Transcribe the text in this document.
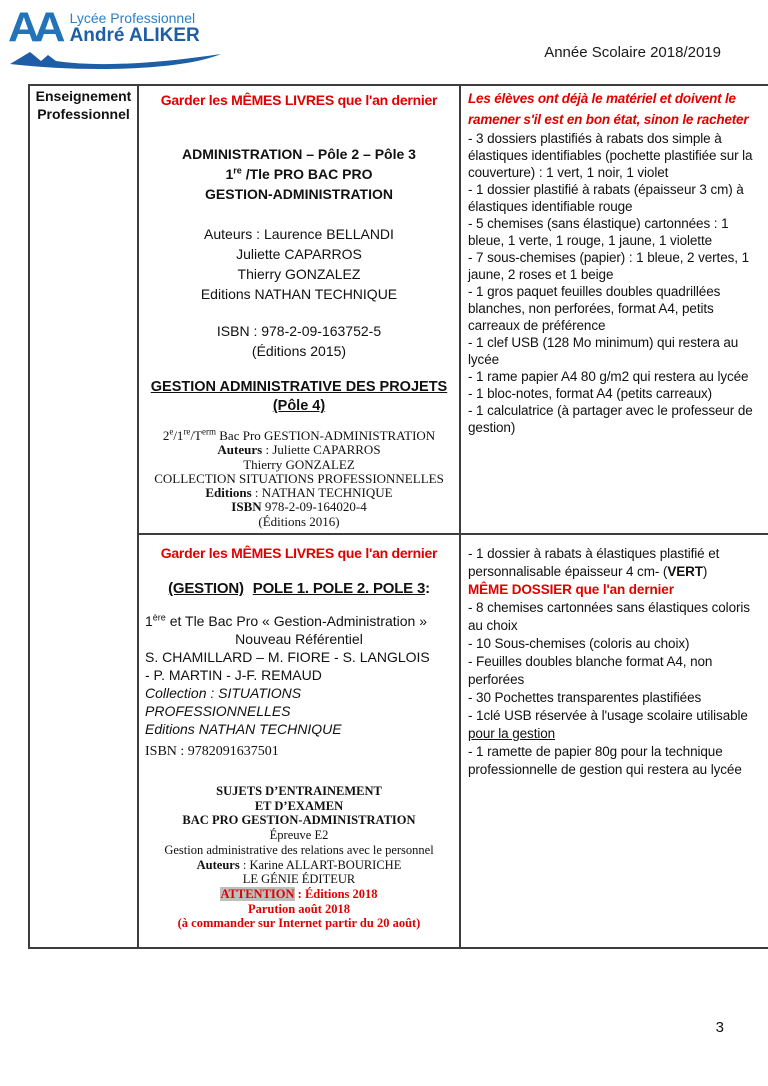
AA Lycée Professionnel
André ALIKER
Année Scolaire 2018/2019
Enseignement
Professionnel

Garder les MÊMES LIVRES que l'an dernier
ADMINISTRATION – Pôle 2 – Pôle 3
1re /Tle PRO BAC PRO
GESTION-ADMINISTRATION
Auteurs : Laurence BELLANDI
Juliette CAPARROS
Thierry GONZALEZ
Editions NATHAN TECHNIQUE
ISBN : 978-2-09-163752-5
(Éditions 2015)
GESTION ADMINISTRATIVE DES PROJETS
(Pôle 4)
$2e/1re/T^{erm}$ Bac Pro GESTION-ADMINISTRATION
Auteurs : Juliette CAPARROS
Thierry GONZALEZ
COLLECTION SITUATIONS PROFESSIONNELLES
Editions : NATHAN TECHNIQUE
ISBN 978-2-09-164020-4
(Éditions 2016)

Les élèves ont déjà le matériel et doivent le ramener s'il est en bon état, sinon le racheter
- 3 dossiers plastifiés à rabats dos simple à élastiques identifiables (pochette plastifiée sur la couverture) : 1 vert, 1 noir, 1 violet
- 1 dossier plastifié à rabats (épaisseur 3 cm) à élastiques identifiable rouge
- 5 chemises (sans élastique) cartonnées : 1 bleue, 1 verte, 1 rouge, 1 jaune, 1 violette
- 7 sous-chemises (papier) : 1 bleue, 2 vertes, 1 jaune, 2 roses et 1 beige
- 1 gros paquet feuilles doubles quadrillées blanches, non perforées, format A4, petits carreaux de préférence
- 1 clef USB (128 Mo minimum) qui restera au lycée
- 1 rame papier A4 80 g/m2 qui restera au lycée
- 1 bloc-notes, format A4 (petits carreaux)
- 1 calculatrice (à partager avec le professeur de gestion)

Garder les MÊMES LIVRES que l'an dernier
(GESTION) POLE 1. POLE 2. POLE 3:
1ère et Tle Bac Pro « Gestion-Administration »
Nouveau Référentiel
S. CHAMILLARD – M. FIORE - S. LANGLOIS
- P. MARTIN - J-F. REMAUD
Collection : SITUATIONS
PROFESSIONNELLES
Editions NATHAN TECHNIQUE
ISBN : 9782091637501
SUJETS D’ENTRAINEMENT
ET D’EXAMEN
BAC PRO GESTION-ADMINISTRATION
Épreuve E2
Gestion administrative des relations avec le personnel
Auteurs : Karine ALLART-BOURICHE
LE GÉNIE ÉDITEUR
ATTENTION : Éditions 2018
Parution août 2018
(à commander sur Internet partir du 20 août)

- 1 dossier à rabats à élastiques plastifié et personnalisable épaisseur 4 cm- (VERT)
MÊME DOSSIER que l'an dernier
- 8 chemises cartonnées sans élastiques coloris au choix
- 10 Sous-chemises (coloris au choix)
- Feuilles doubles blanche format A4, non perforées
- 30 Pochettes transparentes plastifiées
- 1clé USB réservée à l'usage scolaire utilisable
pour la gestion
- 1 ramette de papier 80g pour la technique professionnelle de gestion qui restera au lycée
3
